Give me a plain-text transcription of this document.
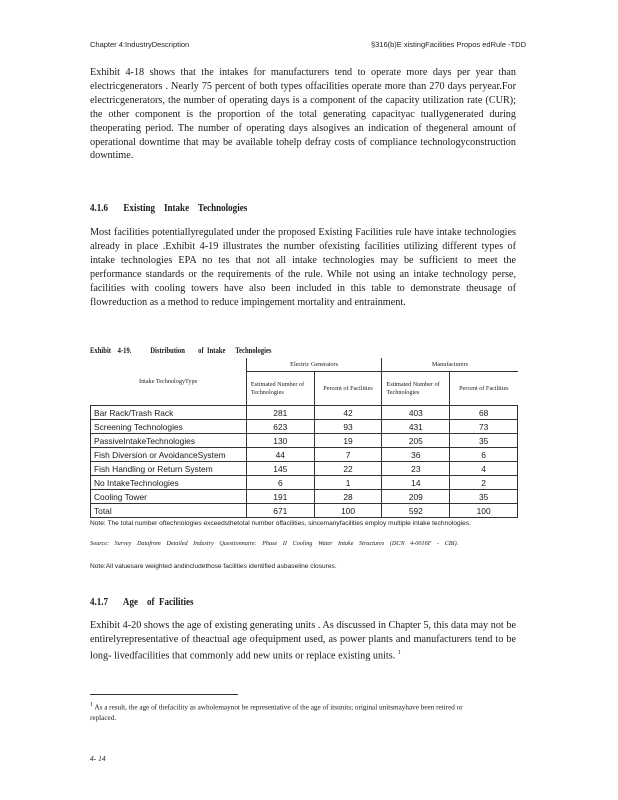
Chapter 4:IndustryDescription	§316(b)E xistingFacilities Propos edRule -TDD

Exhibit 4-18 shows that the intakes for manufacturers tend to operate more days per year than electricgenerators . Nearly 75 percent of both types offacilities operate more than 270 days peryear.For electricgenerators, the number of operating days is a component of the capacity utilization rate (CUR); the other component is the proportion of the total generating capacityac tuallygenerated during theoperating period. The number of operating days alsogives an indication of thegeneral amount of operational downtime that may be available tohelp defray costs of compliance technologyconstruction downtime.

4.1.6 Existing    Intake    Technologies

Most facilities potentiallyregulated under the proposed Existing Facilities rule have intake technologies already in place .Exhibit 4-19 illustrates the number ofexisting facilities utilizing different types of intake technologies EPA no tes that not all intake technologies may be sufficient to meet the performance standards or the requirements of the rule. While not using an intake technology perse, facilities with cooling towers have also been included in this table to demonstrate theusage of flowreduction as a method to reduce impingement mortality and entrainment.

Exhibit    4-19. Distribution        of  Intake      Technologies
Intake TechnologyType	Electric Generators		Manufacturers	
	Estimated Number of Technologies	Percent of Facilities	Estimated Number of Technologies	Percent of Facilities
Bar Rack/Trash Rack	281	42	403	68
Screening Technologies	623	93	431	73
PassiveIntakeTechnologies	130	19	205	35
Fish Diversion or AvoidanceSystem	44	7	36	6
Fish Handling or Return System	145	22	23	4
No IntakeTechnologies	6	1	14	2
Cooling Tower	191	28	209	35
Total	671	100	592	100
Note: The total number oftechnologies exceedsthetotal number offacilities, sincemanyfacilities employ multiple intake technologies.
Source: Survey Datafrom Detailed Industry Questionnaire: Phase II Cooling Water Intake Structures (DCN 4-0016F - CBI).
Note:All valuesare weighted andincludethose facilities identified asbaseline closures.
4.1.7 Age    of  Facilities

Exhibit 4-20 shows the age of existing generating units . As discussed in Chapter 5, this data may not be entirelyrepresentative of theactual age ofequipment used, as power plants and manufacturers tend to be long- livedfacilities that commonly add new units or replace existing units. $^1$

$^1$ As a result, the age of thefacility as awholemaynot be representative of the age of itsunits; original unitsmayhave been retired or replaced.
4- 14
